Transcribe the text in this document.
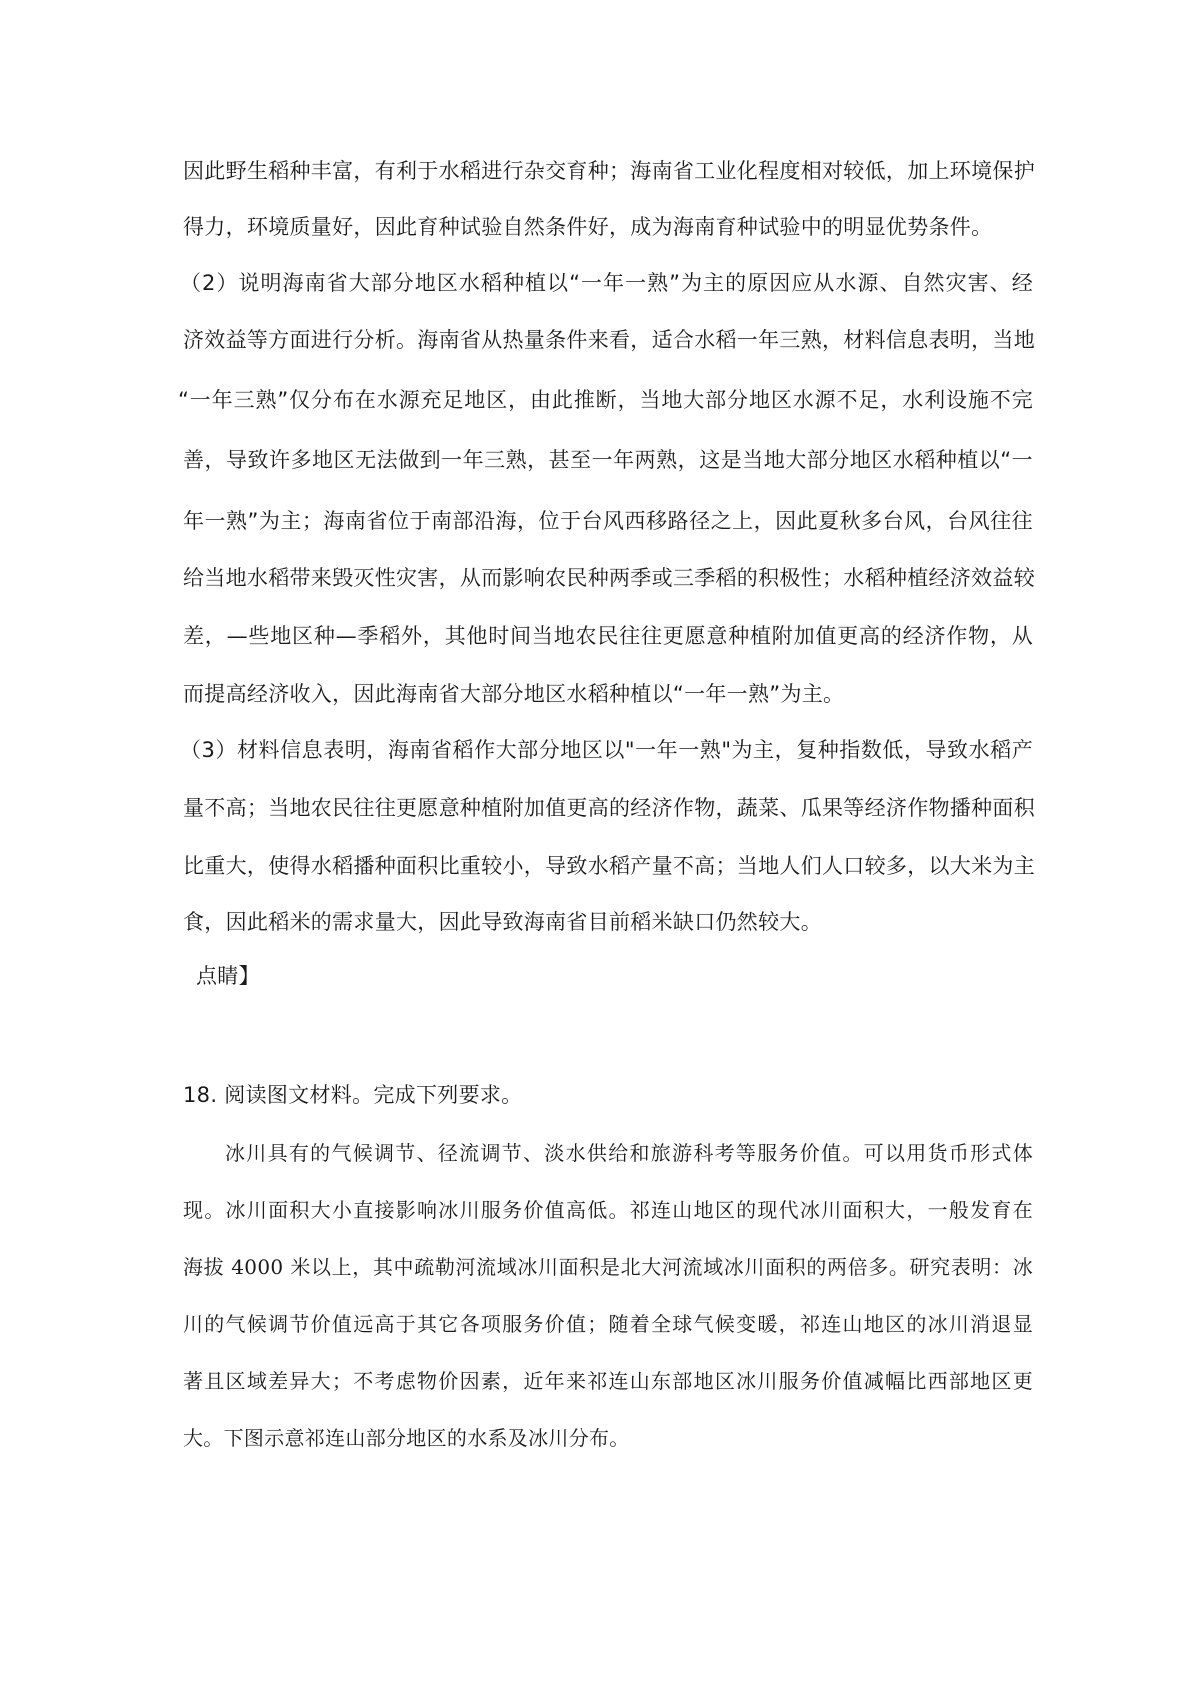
因此野生稻种丰富，有利于水稻进行杂交育种；海南省工业化程度相对较低，加上环境保护
得力，环境质量好，因此育种试验自然条件好，成为海南育种试验中的明显优势条件。
（2）说明海南省大部分地区水稻种植以“一年一熟”为主的原因应从水源、自然灾害、经
济效益等方面进行分析。海南省从热量条件来看，适合水稻一年三熟，材料信息表明，当地
“一年三熟”仅分布在水源充足地区，由此推断，当地大部分地区水源不足，水利设施不完
善，导致许多地区无法做到一年三熟，甚至一年两熟，这是当地大部分地区水稻种植以“一
年一熟”为主；海南省位于南部沿海，位于台风西移路径之上，因此夏秋多台风，台风往往
给当地水稻带来毁灭性灾害，从而影响农民种两季或三季稻的积极性；水稻种植经济效益较
差，—些地区种—季稻外，其他时间当地农民往往更愿意种植附加值更高的经济作物，从
而提高经济收入，因此海南省大部分地区水稻种植以“一年一熟”为主。
（3）材料信息表明，海南省稻作大部分地区以"一年一熟"为主，复种指数低，导致水稻产
量不高；当地农民往往更愿意种植附加值更高的经济作物，蔬菜、瓜果等经济作物播种面积
比重大，使得水稻播种面积比重较小，导致水稻产量不高；当地人们人口较多，以大米为主
食，因此稻米的需求量大，因此导致海南省目前稻米缺口仍然较大。
点睛】
18. 阅读图文材料。完成下列要求。
冰川具有的气候调节、径流调节、淡水供给和旅游科考等服务价值。可以用货币形式体
现。冰川面积大小直接影响冰川服务价值高低。祁连山地区的现代冰川面积大，一般发育在
海拔 4000 米以上，其中疏勒河流域冰川面积是北大河流域冰川面积的两倍多。研究表明：冰
川的气候调节价值远高于其它各项服务价值；随着全球气候变暖，祁连山地区的冰川消退显
著且区域差异大；不考虑物价因素，近年来祁连山东部地区冰川服务价值减幅比西部地区更
大。下图示意祁连山部分地区的水系及冰川分布。
